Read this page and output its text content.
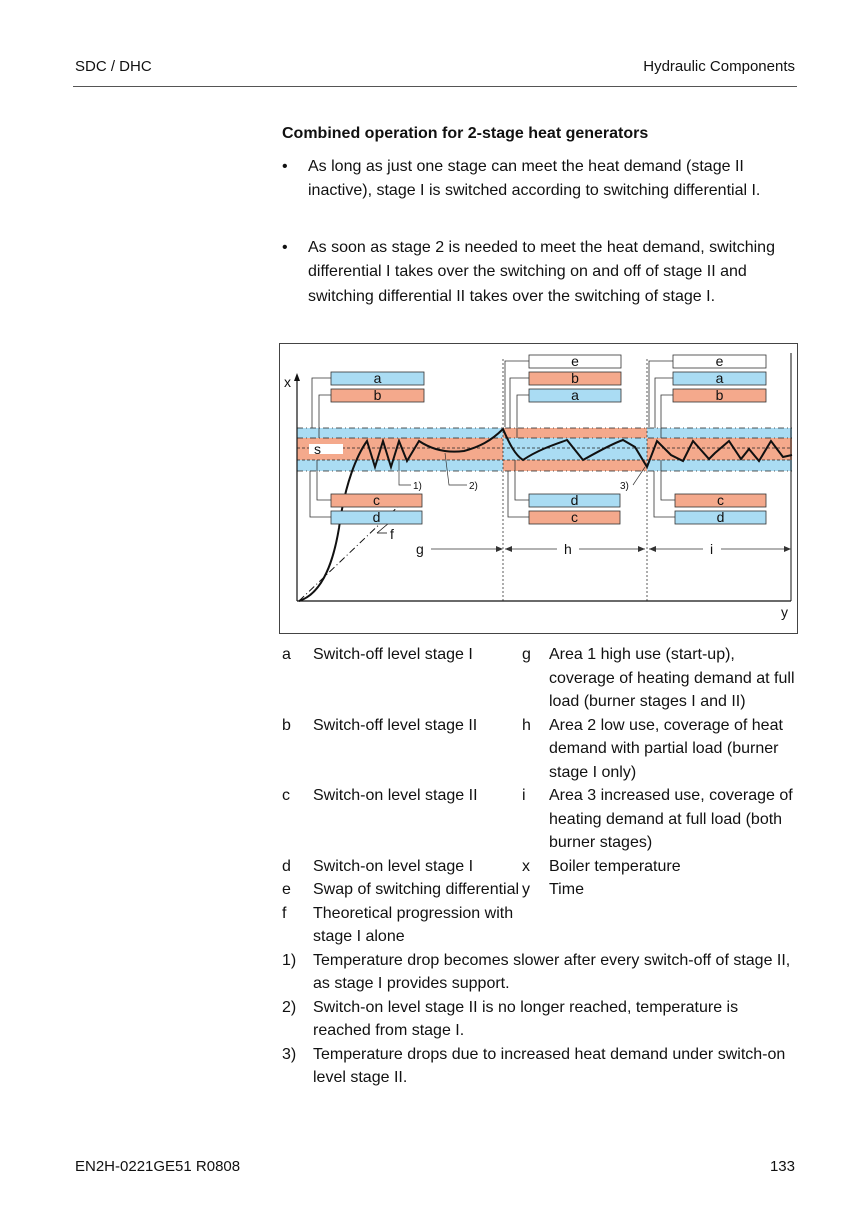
SDC / DHC	Hydraulic Components
Combined operation for 2-stage heat generators
• As long as just one stage can meet the heat demand (stage II inactive), stage I is switched according to switching differential I.
• As soon as stage 2 is needed to meet the heat demand, switching differential I takes over the switching on and off of stage II and switching differential II takes over the switching of stage I.
x
y
f
s
a
b
c
d
1)	2)	3)
e
b
a
d
c
e
a
b
c
d
g	h	i
a	Switch-off level stage I	g	Area 1 high use (start-up), coverage of heating demand at full load (burner stages I and II)
b	Switch-off level stage II	h	Area 2 low use, coverage of heat demand with partial load (burner stage I only)
c	Switch-on level stage II	i	Area 3 increased use, coverage of heating demand at full load (both burner stages)
d	Switch-on level stage I	x	Boiler temperature
e	Swap of switching differential y	Time
f	Theoretical progression with stage I alone
1)	Temperature drop becomes slower after every switch-off of stage II, as stage I provides support.
2)	Switch-on level stage II is no longer reached, temperature is reached from stage I.
3)	Temperature drops due to increased heat demand under switch-on level stage II.
EN2H-0221GE51 R0808	133
